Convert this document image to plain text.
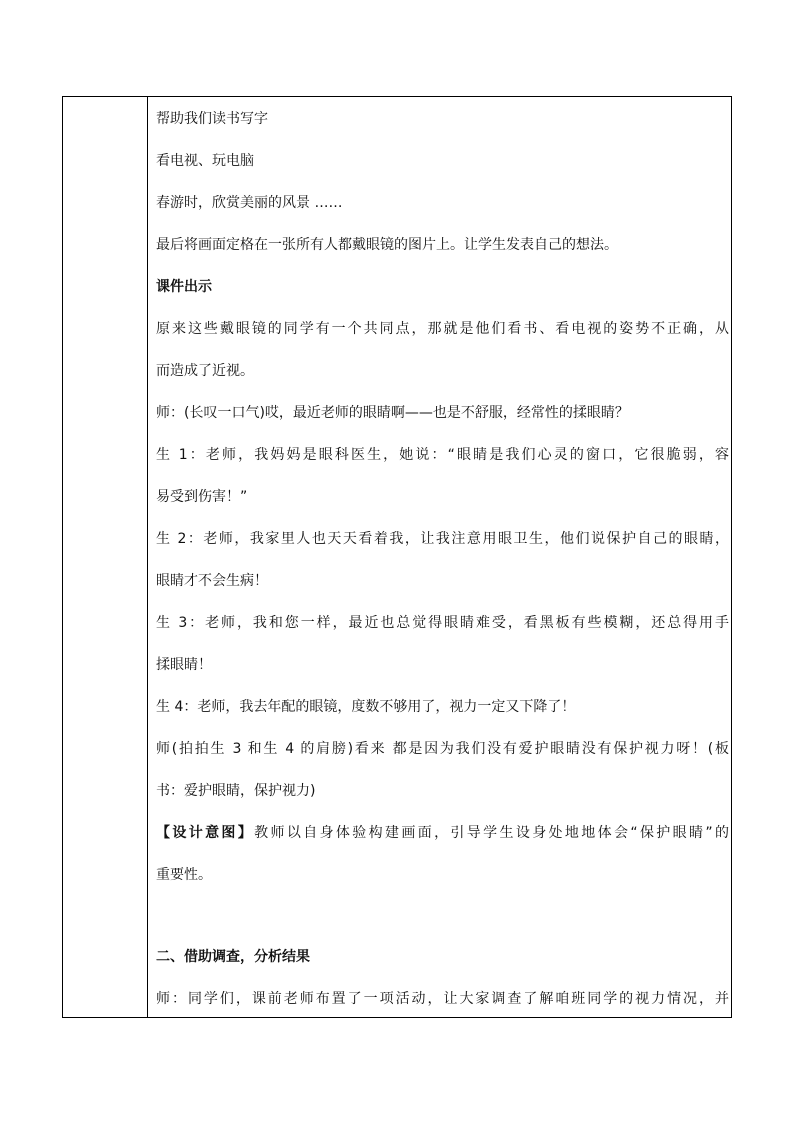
帮助我们读书写字
看电视、玩电脑
春游时，欣赏美丽的风景 ……
最后将画面定格在一张所有人都戴眼镜的图片上。让学生发表自己的想法。
课件出示
原来这些戴眼镜的同学有一个共同点，那就是他们看书、看电视的姿势不正确，从
而造成了近视。
师：(长叹一口气)哎，最近老师的眼睛啊——也是不舒服，经常性的揉眼睛？
生 1：老师，我妈妈是眼科医生，她说：“眼睛是我们心灵的窗口，它很脆弱，容
易受到伤害！”
生 2：老师，我家里人也天天看着我，让我注意用眼卫生，他们说保护自己的眼睛，
眼睛才不会生病！
生 3：老师，我和您一样，最近也总觉得眼睛难受，看黑板有些模糊，还总得用手
揉眼睛！
生 4：老师，我去年配的眼镜，度数不够用了，视力一定又下降了！
师(拍拍生 3 和生 4 的肩膀)看来 都是因为我们没有爱护眼睛没有保护视力呀！(板
书：爱护眼睛，保护视力)
【设计意图】教师以自身体验构建画面，引导学生设身处地地体会“保护眼睛”的
重要性。
二、借助调查，分析结果
师：同学们，课前老师布置了一项活动，让大家调查了解咱班同学的视力情况，并
